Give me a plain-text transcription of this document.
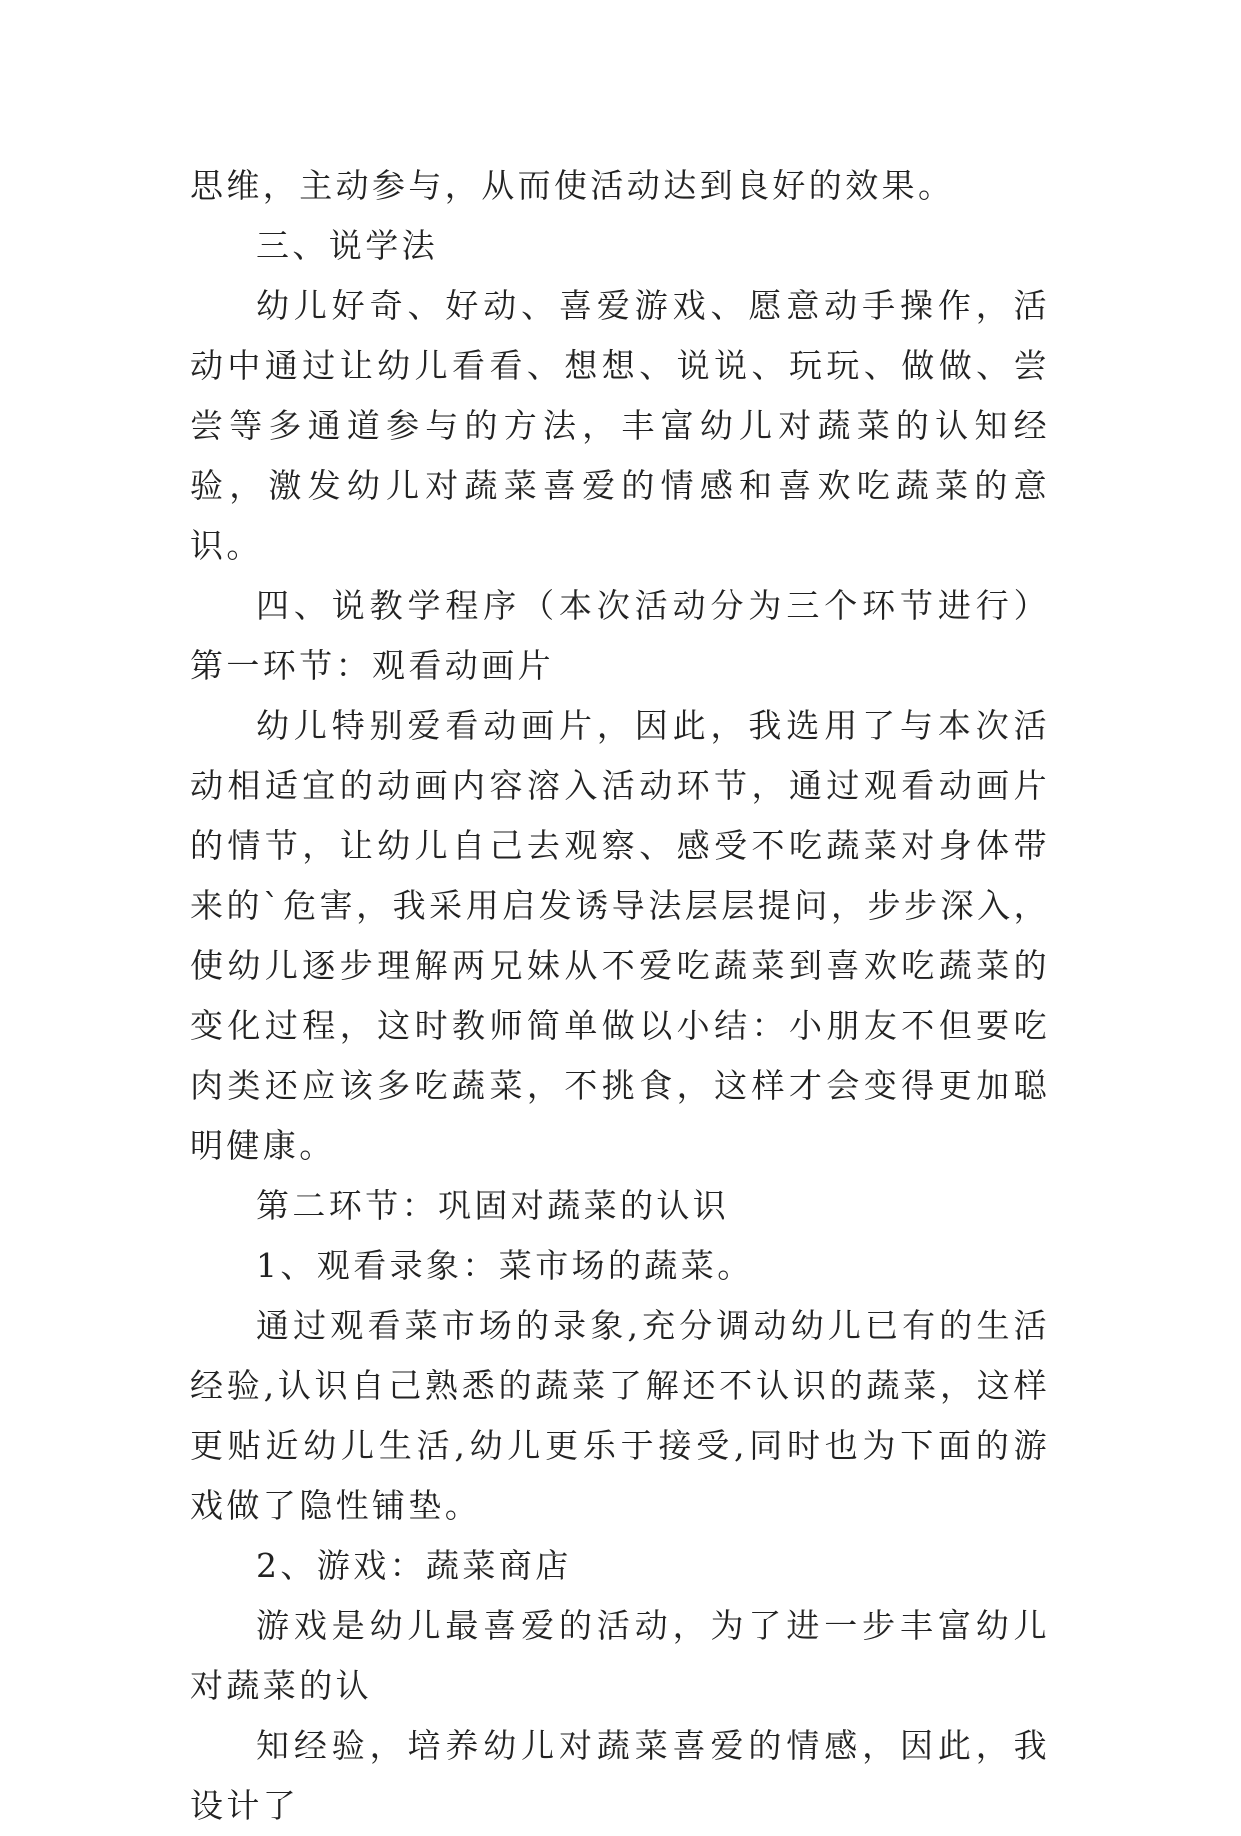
思维，主动参与，从而使活动达到良好的效果。

三、说学法

幼儿好奇、好动、喜爱游戏、愿意动手操作，活动中通过让幼儿看看、想想、说说、玩玩、做做、尝尝等多通道参与的方法，丰富幼儿对蔬菜的认知经验，激发幼儿对蔬菜喜爱的情感和喜欢吃蔬菜的意识。

四、说教学程序（本次活动分为三个环节进行） 第一环节：观看动画片

幼儿特别爱看动画片，因此，我选用了与本次活动相适宜的动画内容溶入活动环节，通过观看动画片的情节，让幼儿自己去观察、感受不吃蔬菜对身体带来的`危害，我采用启发诱导法层层提问，步步深入，使幼儿逐步理解两兄妹从不爱吃蔬菜到喜欢吃蔬菜的变化过程，这时教师简单做以小结：小朋友不但要吃肉类还应该多吃蔬菜，不挑食，这样才会变得更加聪明健康。

第二环节：巩固对蔬菜的认识

1、观看录象：菜市场的蔬菜。

通过观看菜市场的录象,充分调动幼儿已有的生活经验,认识自己熟悉的蔬菜了解还不认识的蔬菜，这样更贴近幼儿生活,幼儿更乐于接受,同时也为下面的游戏做了隐性铺垫。

2、游戏：蔬菜商店

游戏是幼儿最喜爱的活动，为了进一步丰富幼儿对蔬菜的认

知经验，培养幼儿对蔬菜喜爱的情感，因此，我设计了
